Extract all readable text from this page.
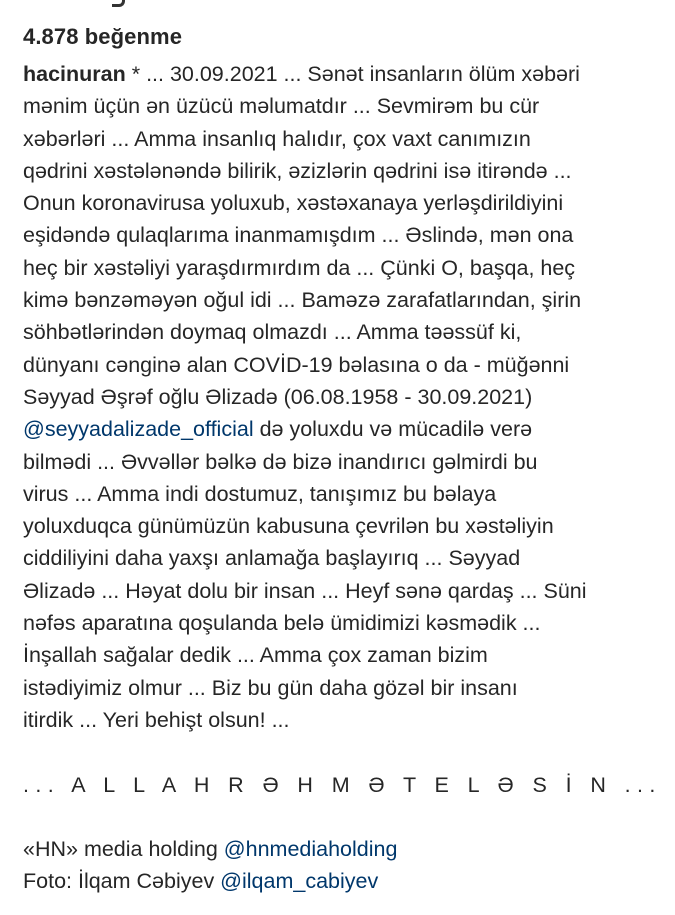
4.878 beğenme
hacinuran * ... 30.09.2021 ... Sənət insanların ölüm xəbəri
mənim üçün ən üzücü məlumatdır ... Sevmirəm bu cür
xəbərləri ... Amma insanlıq halıdır, çox vaxt canımızın
qədrini xəstələnəndə bilirik, əzizlərin qədrini isə itirəndə ...
Onun koronavirusa yoluxub, xəstəxanaya yerləşdirildiyini
eşidəndə qulaqlarıma inanmamışdım ... Əslində, mən ona
heç bir xəstəliyi yaraşdırmırdım da ... Çünki O, başqa, heç
kimə bənzəməyən oğul idi ... Baməzə zarafatlarından, şirin
söhbətlərindən doymaq olmazdı ... Amma təəssüf ki,
dünyanı cənginə alan COVİD-19 bəlasına o da - müğənni
Səyyad Əşrəf oğlu Əlizadə (06.08.1958 - 30.09.2021)
@seyyadalizade_official də yoluxdu və mücadilə verə
bilmədi ... Əvvəllər bəlkə də bizə inandırıcı gəlmirdi bu
virus ... Amma indi dostumuz, tanışımız bu bəlaya
yoluxduqca günümüzün kabusuna çevrilən bu xəstəliyin
ciddiliyini daha yaxşı anlamağa başlayırıq ... Səyyad
Əlizadə ... Həyat dolu bir insan ... Heyf sənə qardaş ... Süni
nəfəs aparatına qoşulanda belə ümidimizi kəsmədik ...
İnşallah sağalar dedik ... Amma çox zaman bizim
istədiyimiz olmur ... Biz bu gün daha gözəl bir insanı
itirdik ... Yeri behişt olsun! ...
... A L L A H R Ə H M Ə T E L Ə S İ N ...
«HN» media holding @hnmediaholding
Foto: İlqam Cəbiyev @ilqam_cabiyev
